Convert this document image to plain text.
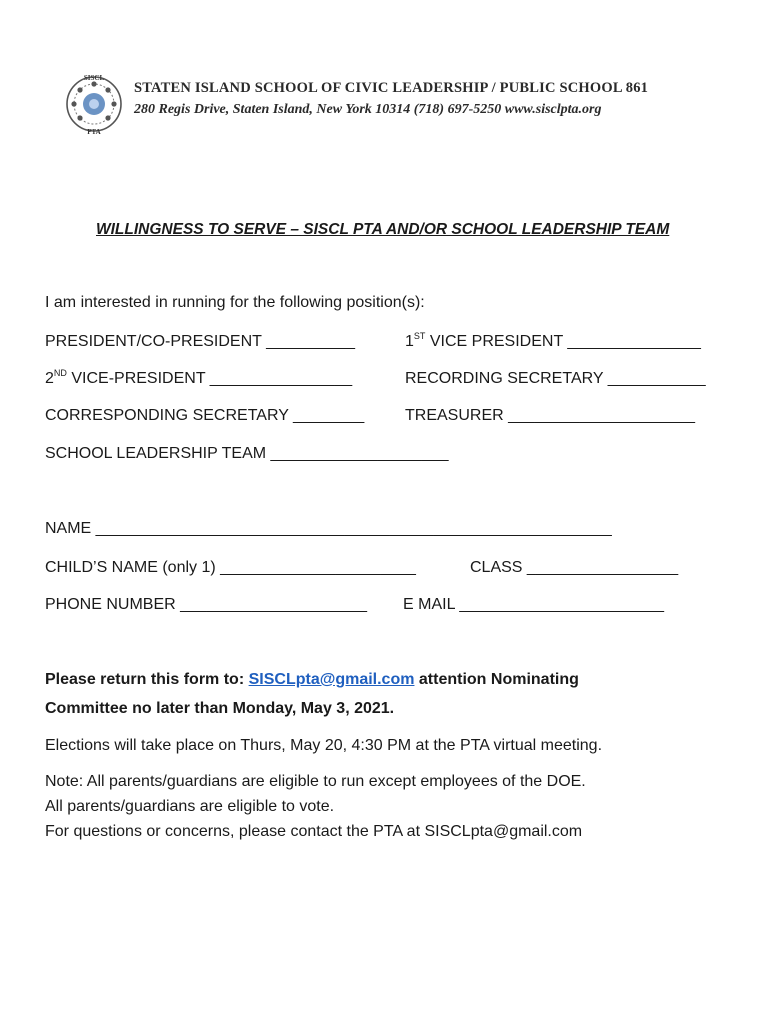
SISCL
PTA
STATEN ISLAND SCHOOL OF CIVIC LEADERSHIP / PUBLIC SCHOOL 861
280 Regis Drive, Staten Island, New York 10314 (718) 697-5250 www.sisclpta.org
WILLINGNESS TO SERVE – SISCL PTA AND/OR SCHOOL LEADERSHIP TEAM
I am interested in running for the following position(s):
PRESIDENT/CO-PRESIDENT __________	1ST VICE PRESIDENT _______________
2ND VICE-PRESIDENT ________________	RECORDING SECRETARY ___________
CORRESPONDING SECRETARY ________	TREASURER _____________________
SCHOOL LEADERSHIP TEAM ____________________
NAME __________________________________________________________
CHILD’S NAME (only 1) ______________________	CLASS _________________
PHONE NUMBER _____________________ E MAIL _______________________
Please return this form to: SISCLpta@gmail.com attention Nominating
Committee no later than Monday, May 3, 2021.
Elections will take place on Thurs, May 20, 4:30 PM at the PTA virtual meeting.
Note: All parents/guardians are eligible to run except employees of the DOE.
All parents/guardians are eligible to vote.
For questions or concerns, please contact the PTA at SISCLpta@gmail.com
